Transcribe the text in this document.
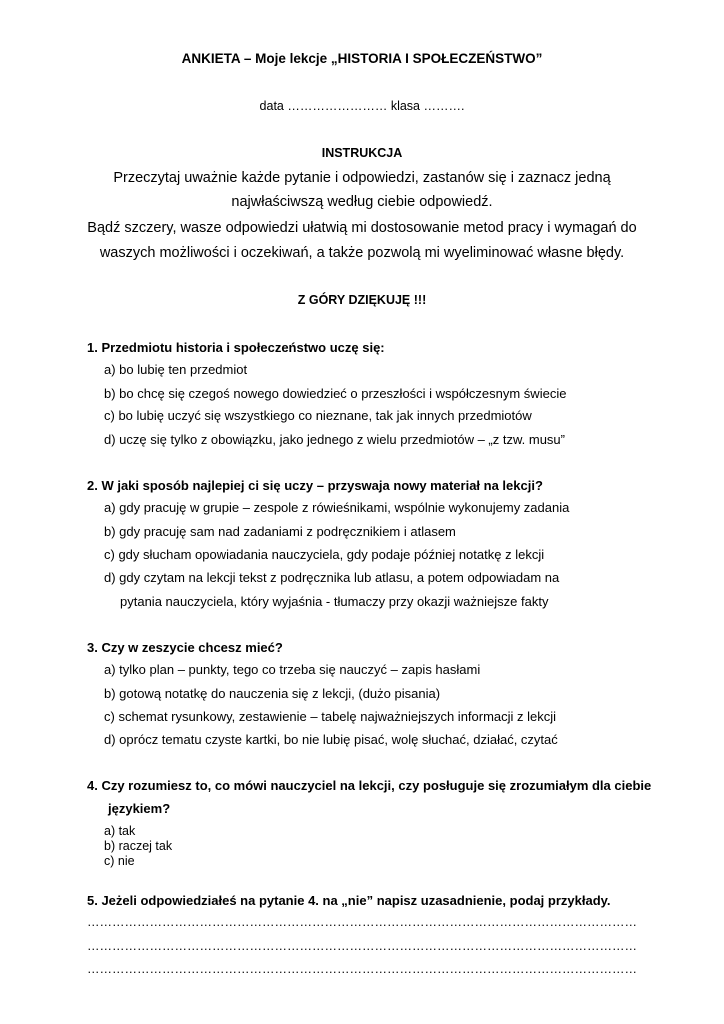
ANKIETA – Moje lekcje „HISTORIA I SPOŁECZEŃSTWO”
data …………………… klasa ……….
INSTRUKCJA
Przeczytaj uważnie każde pytanie i odpowiedzi, zastanów się i zaznacz jedną
najwłaściwszą według ciebie odpowiedź.
Bądź szczery, wasze odpowiedzi ułatwią mi dostosowanie metod pracy i wymagań do
waszych możliwości i oczekiwań, a także pozwolą mi wyeliminować własne błędy.
Z GÓRY DZIĘKUJĘ !!!
1. Przedmiotu historia i społeczeństwo uczę się:
a) bo lubię ten przedmiot
b) bo chcę się czegoś nowego dowiedzieć o przeszłości i współczesnym świecie
c) bo lubię uczyć się wszystkiego co nieznane, tak jak innych przedmiotów
d) uczę się tylko z obowiązku, jako jednego z wielu przedmiotów – „z tzw. musu”
2. W jaki sposób najlepiej ci się uczy – przyswaja nowy materiał na lekcji?
a) gdy pracuję w grupie – zespole z rówieśnikami, wspólnie wykonujemy zadania
b) gdy pracuję sam nad zadaniami z podręcznikiem i atlasem
c) gdy słucham opowiadania nauczyciela, gdy podaje później notatkę z lekcji
d) gdy czytam na lekcji tekst z podręcznika lub atlasu, a potem odpowiadam na
pytania nauczyciela, który wyjaśnia - tłumaczy przy okazji ważniejsze fakty
3. Czy w zeszycie chcesz mieć?
a) tylko plan – punkty, tego co trzeba się nauczyć – zapis hasłami
b) gotową notatkę do nauczenia się z lekcji, (dużo pisania)
c) schemat rysunkowy, zestawienie – tabelę najważniejszych informacji z lekcji
d) oprócz tematu czyste kartki, bo nie lubię pisać, wolę słuchać, działać, czytać
4. Czy rozumiesz to, co mówi nauczyciel na lekcji, czy posługuje się zrozumiałym dla ciebie
językiem?
a) tak
b) raczej tak
c) nie
5. Jeżeli odpowiedziałeś na pytanie 4. na „nie” napisz uzasadnienie, podaj przykłady.
……………………………………………………………………………………………………………………
……………………………………………………………………………………………………………………
……………………………………………………………………………………………………………………
